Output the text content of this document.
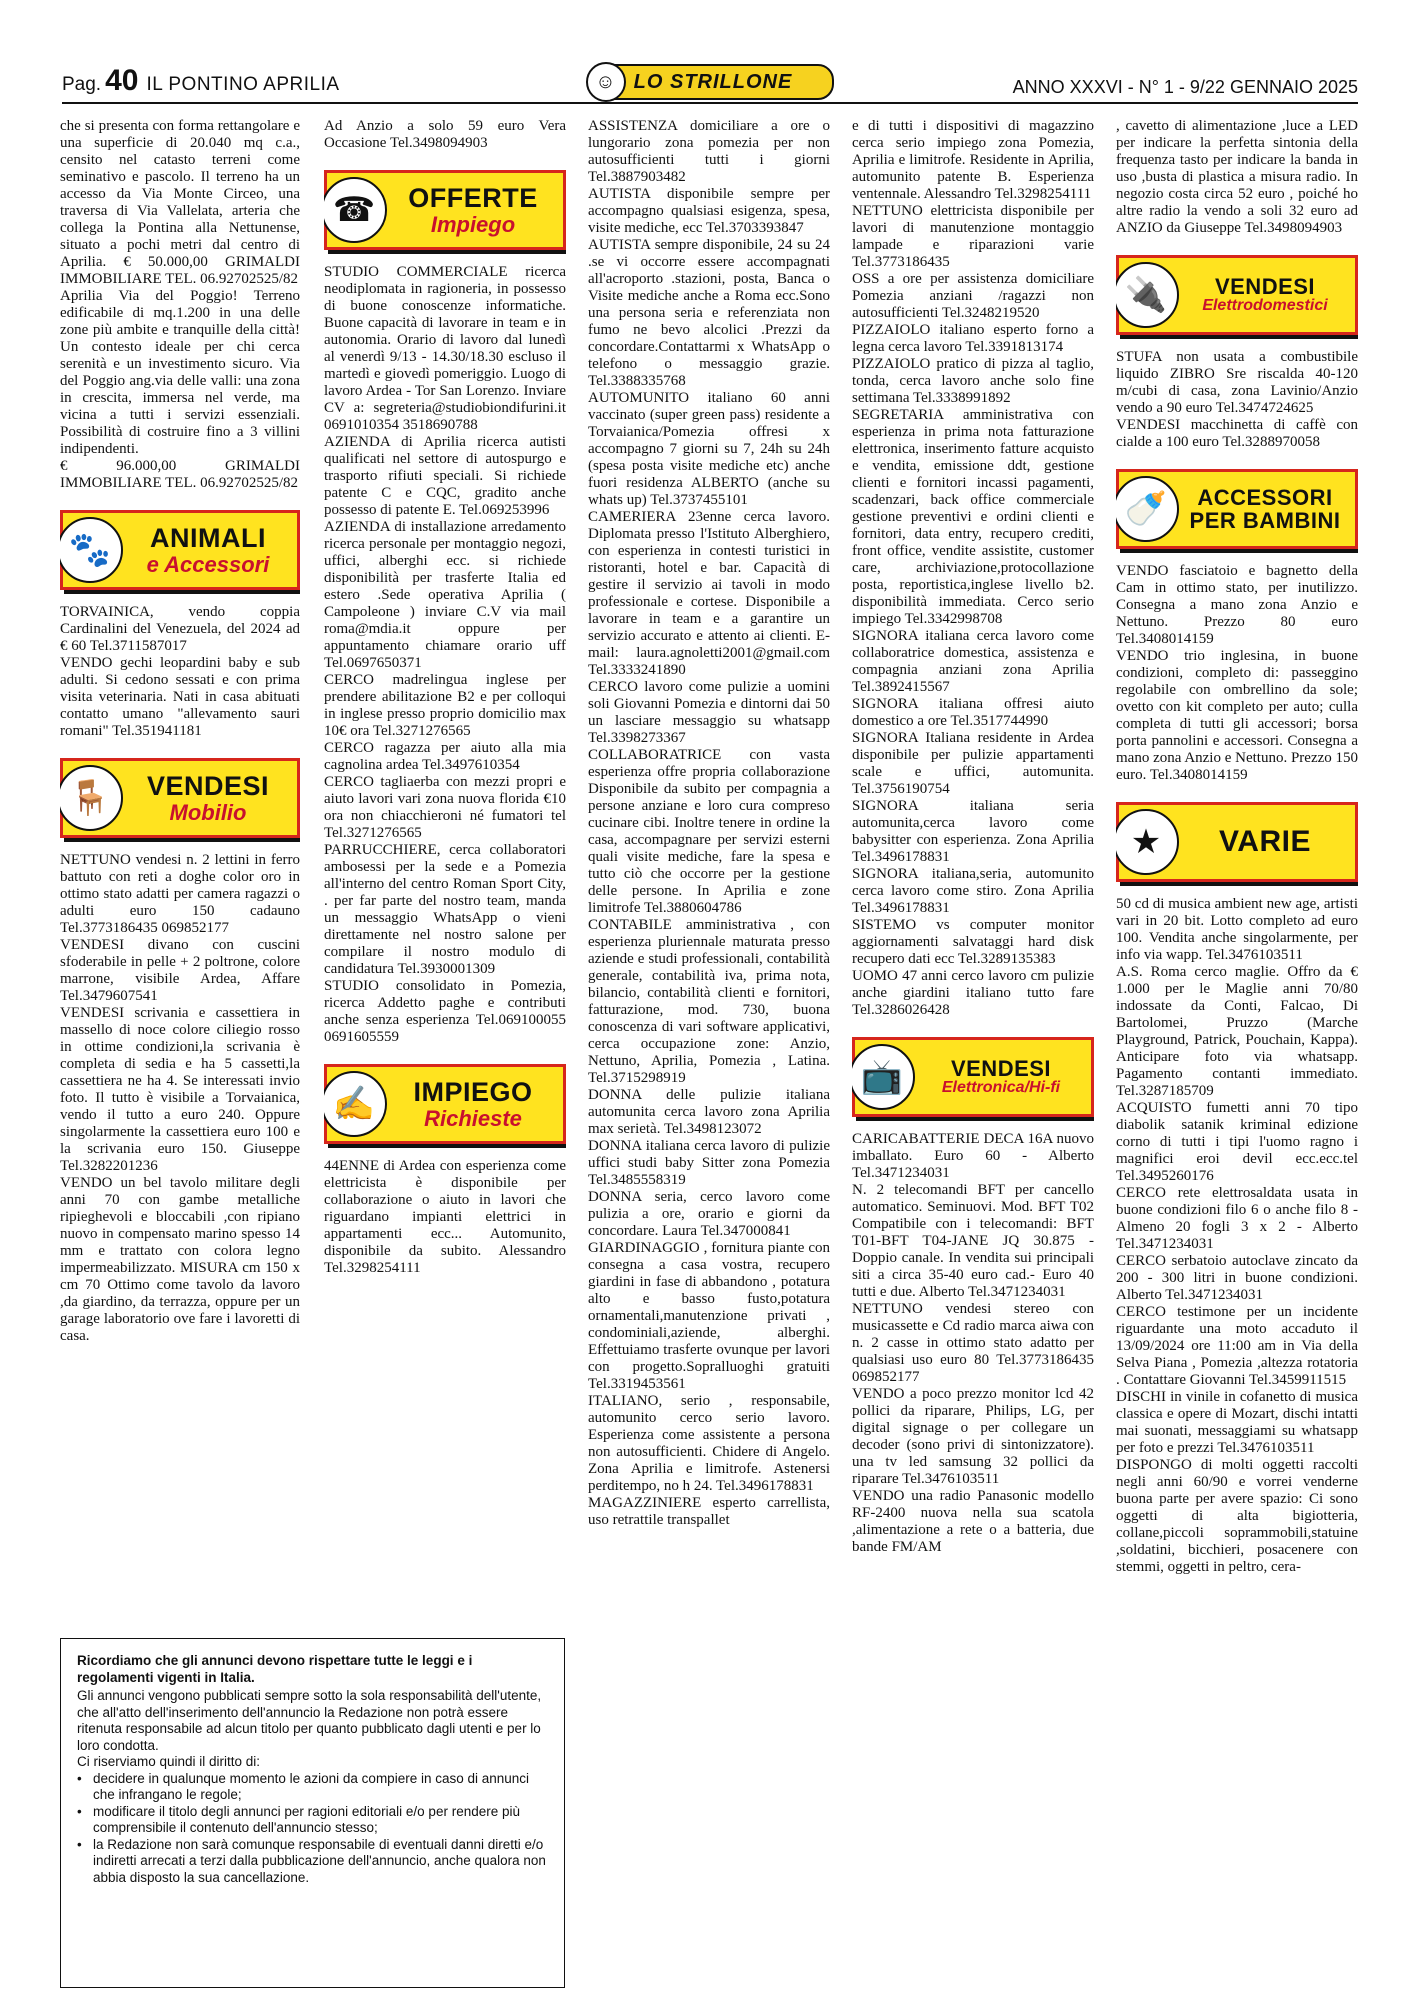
Pag. 40 IL PONTINO APRILIA	☺ LO STRILLONE	ANNO XXXVI - N° 1 - 9/22 GENNAIO 2025

che si presenta con forma rettangolare e una superficie di 20.040 mq c.a., censito nel catasto terreni come seminativo e pascolo. Il terreno ha un accesso da Via Monte Circeo, una traversa di Via Vallelata, arteria che collega la Pontina alla Nettunense, situato a pochi metri dal centro di Aprilia. € 50.000,00 GRIMALDI IMMOBILIARE TEL. 06.92702525/82

Aprilia Via del Poggio! Terreno edificabile di mq.1.200 in una delle zone più ambite e tranquille della città! Un contesto ideale per chi cerca serenità e un investimento sicuro. Via del Poggio ang.via delle valli: una zona in crescita, immersa nel verde, ma vicina a tutti i servizi essenziali. Possibilità di costruire fino a 3 villini indipendenti.

€ 96.000,00 GRIMALDI IMMOBILIARE TEL. 06.92702525/82

🐾	ANIMALI
e Accessori

TORVAINICA, vendo coppia Cardinalini del Venezuela, del 2024 ad € 60 Tel.3711587017

VENDO gechi leopardini baby e sub adulti. Si cedono sessati e con prima visita veterinaria. Nati in casa abituati contatto umano "allevamento sauri romani" Tel.351941181

🪑	VENDESI
Mobilio

NETTUNO vendesi n. 2 lettini in ferro battuto con reti a doghe color oro in ottimo stato adatti per camera ragazzi o adulti euro 150 cadauno Tel.3773186435 069852177

VENDESI divano con cuscini sfoderabile in pelle + 2 poltrone, colore marrone, visibile Ardea, Affare Tel.3479607541

VENDESI scrivania e cassettiera in massello di noce colore ciliegio rosso in ottime condizioni,la scrivania è completa di sedia e ha 5 cassetti,la cassettiera ne ha 4. Se interessati invio foto. Il tutto è visibile a Torvaianica, vendo il tutto a euro 240. Oppure singolarmente la cassettiera euro 100 e la scrivania euro 150. Giuseppe Tel.3282201236

VENDO un bel tavolo militare degli anni 70 con gambe metalliche ripieghevoli e bloccabili ,con ripiano nuovo in compensato marino spesso 14 mm e trattato con colora legno impermeabilizzato. MISURA cm 150 x cm 70 Ottimo come tavolo da lavoro ,da giardino, da terrazza, oppure per un garage laboratorio ove fare i lavoretti di casa.

Ad Anzio a solo 59 euro Vera Occasione Tel.3498094903

☎	OFFERTE
Impiego

STUDIO COMMERCIALE ricerca neodiplomata in ragioneria, in possesso di buone conoscenze informatiche. Buone capacità di lavorare in team e in autonomia. Orario di lavoro dal lunedì al venerdì 9/13 - 14.30/18.30 escluso il martedì e giovedì pomeriggio. Luogo di lavoro Ardea - Tor San Lorenzo. Inviare CV a: segreteria@studiobiondifurini.it 0691010354 3518690788

AZIENDA di Aprilia ricerca autisti qualificati nel settore di autospurgo e trasporto rifiuti speciali. Si richiede patente C e CQC, gradito anche possesso di patente E. Tel.069253996

AZIENDA di installazione arredamento ricerca personale per montaggio negozi, uffici, alberghi ecc. si richiede disponibilità per trasferte Italia ed estero .Sede operativa Aprilia ( Campoleone ) inviare C.V via mail roma@mdia.it oppure per appuntamento chiamare orario uff Tel.0697650371

CERCO madrelingua inglese per prendere abilitazione B2 e per colloqui in inglese presso proprio domicilio max 10€ ora Tel.3271276565

CERCO ragazza per aiuto alla mia cagnolina ardea Tel.3497610354

CERCO tagliaerba con mezzi propri e aiuto lavori vari zona nuova florida €10 ora non chiacchieroni né fumatori tel Tel.3271276565

PARRUCCHIERE, cerca collaboratori ambosessi per la sede e a Pomezia all'interno del centro Roman Sport City, . per far parte del nostro team, manda un messaggio WhatsApp o vieni direttamente nel nostro salone per compilare il nostro modulo di candidatura Tel.3930001309

STUDIO consolidato in Pomezia, ricerca Addetto paghe e contributi anche senza esperienza Tel.069100055 0691605559

✍	IMPIEGO
Richieste

44ENNE di Ardea con esperienza come elettricista è disponibile per collaborazione o aiuto in lavori che riguardano impianti elettrici in appartamenti ecc... Automunito, disponibile da subito. Alessandro Tel.3298254111

ASSISTENZA domiciliare a ore o lungorario zona pomezia per non autosufficienti tutti i giorni Tel.3887903482

AUTISTA disponibile sempre per accompagno qualsiasi esigenza, spesa, visite mediche, ecc Tel.3703393847

AUTISTA sempre disponibile, 24 su 24 .se vi occorre essere accompagnati all'acroporto .stazioni, posta, Banca o Visite mediche anche a Roma ecc.Sono una persona seria e referenziata non fumo ne bevo alcolici .Prezzi da concordare.Contattarmi x WhatsApp o telefono o messaggio grazie. Tel.3388335768

AUTOMUNITO italiano 60 anni vaccinato (super green pass) residente a Torvaianica/Pomezia offresi x accompagno 7 giorni su 7, 24h su 24h (spesa posta visite mediche etc) anche fuori residenza ALBERTO (anche su whats up) Tel.3737455101

CAMERIERA 23enne cerca lavoro. Diplomata presso l'Istituto Alberghiero, con esperienza in contesti turistici in ristoranti, hotel e bar. Capacità di gestire il servizio ai tavoli in modo professionale e cortese. Disponibile a lavorare in team e a garantire un servizio accurato e attento ai clienti. E-mail: laura.agnoletti2001@gmail.com Tel.3333241890

CERCO lavoro come pulizie a uomini soli Giovanni Pomezia e dintorni dai 50 un lasciare messaggio su whatsapp Tel.3398273367

COLLABORATRICE con vasta esperienza offre propria collaborazione Disponibile da subito per compagnia a persone anziane e loro cura compreso cucinare cibi. Inoltre tenere in ordine la casa, accompagnare per servizi esterni quali visite mediche, fare la spesa e tutto ciò che occorre per la gestione delle persone. In Aprilia e zone limitrofe Tel.3880604786

CONTABILE amministrativa , con esperienza pluriennale maturata presso aziende e studi professionali, contabilità generale, contabilità iva, prima nota, bilancio, contabilità clienti e fornitori, fatturazione, mod. 730, buona conoscenza di vari software applicativi, cerca occupazione zone: Anzio, Nettuno, Aprilia, Pomezia , Latina. Tel.3715298919

DONNA delle pulizie italiana automunita cerca lavoro zona Aprilia max serietà. Tel.3498123072

DONNA italiana cerca lavoro di pulizie uffici studi baby Sitter zona Pomezia Tel.3485558319

DONNA seria, cerco lavoro come pulizia a ore, orario e giorni da concordare. Laura Tel.347000841

GIARDINAGGIO , fornitura piante con consegna a casa vostra, recupero giardini in fase di abbandono , potatura alto e basso fusto,potatura ornamentali,manutenzione privati , condominiali,aziende, alberghi. Effettuiamo trasferte ovunque per lavori con progetto.Sopralluoghi gratuiti Tel.3319453561

ITALIANO, serio , responsabile, automunito cerco serio lavoro. Esperienza come assistente a persona non autosufficienti. Chidere di Angelo. Zona Aprilia e limitrofe. Astenersi perditempo, no h 24. Tel.3496178831

MAGAZZINIERE esperto carrellista, uso retrattile transpallet

e di tutti i dispositivi di magazzino cerca serio impiego zona Pomezia, Aprilia e limitrofe. Residente in Aprilia, automunito patente B. Esperienza ventennale. Alessandro Tel.3298254111

NETTUNO elettricista disponibile per lavori di manutenzione montaggio lampade e riparazioni varie Tel.3773186435

OSS a ore per assistenza domiciliare Pomezia anziani /ragazzi non autosufficienti Tel.3248219520

PIZZAIOLO italiano esperto forno a legna cerca lavoro Tel.3391813174

PIZZAIOLO pratico di pizza al taglio, tonda, cerca lavoro anche solo fine settimana Tel.3338991892

SEGRETARIA amministrativa con esperienza in prima nota fatturazione elettronica, inserimento fatture acquisto e vendita, emissione ddt, gestione clienti e fornitori incassi pagamenti, scadenzari, back office commerciale gestione preventivi e ordini clienti e fornitori, data entry, recupero crediti, front office, vendite assistite, customer care, archiviazione,protocollazione posta, reportistica,inglese livello b2. disponibilità immediata. Cerco serio impiego Tel.3342998708

SIGNORA italiana cerca lavoro come collaboratrice domestica, assistenza e compagnia anziani zona Aprilia Tel.3892415567

SIGNORA italiana offresi aiuto domestico a ore Tel.3517744990

SIGNORA Italiana residente in Ardea disponibile per pulizie appartamenti scale e uffici, automunita. Tel.3756190754

SIGNORA italiana seria automunita,cerca lavoro come babysitter con esperienza. Zona Aprilia Tel.3496178831

SIGNORA italiana,seria, automunito cerca lavoro come stiro. Zona Aprilia Tel.3496178831

SISTEMO vs computer monitor aggiornamenti salvataggi hard disk recupero dati ecc Tel.3289135383

UOMO 47 anni cerco lavoro cm pulizie anche giardini italiano tutto fare Tel.3286026428

📺	VENDESI
Elettronica/Hi-fi

CARICABATTERIE DECA 16A nuovo imballato. Euro 60 - Alberto Tel.3471234031

N. 2 telecomandi BFT per cancello automatico. Seminuovi. Mod. BFT T02 Compatibile con i telecomandi: BFT T01-BFT T04-JANE JQ 30.875 - Doppio canale. In vendita sui principali siti a circa 35-40 euro cad.- Euro 40 tutti e due. Alberto Tel.3471234031

NETTUNO vendesi stereo con musicassette e Cd radio marca aiwa con n. 2 casse in ottimo stato adatto per qualsiasi uso euro 80 Tel.3773186435 069852177

VENDO a poco prezzo monitor lcd 42 pollici da riparare, Philips, LG, per digital signage o per collegare un decoder (sono privi di sintonizzatore). una tv led samsung 32 pollici da riparare Tel.3476103511

VENDO una radio Panasonic modello RF-2400 nuova nella sua scatola ,alimentazione a rete o a batteria, due bande FM/AM

, cavetto di alimentazione ,luce a LED per indicare la perfetta sintonia della frequenza tasto per indicare la banda in uso ,busta di plastica a misura radio. In negozio costa circa 52 euro , poiché ho altre radio la vendo a soli 32 euro ad ANZIO da Giuseppe Tel.3498094903

🔌	VENDESI
Elettrodomestici

STUFA non usata a combustibile liquido ZIBRO Sre riscalda 40-120 m/cubi di casa, zona Lavinio/Anzio vendo a 90 euro Tel.3474724625

VENDESI macchinetta di caffè con cialde a 100 euro Tel.3288970058

🍼	ACCESSORI
PER BAMBINI

VENDO fasciatoio e bagnetto della Cam in ottimo stato, per inutilizzo. Consegna a mano zona Anzio e Nettuno. Prezzo 80 euro Tel.3408014159

VENDO trio inglesina, in buone condizioni, completo di: passeggino regolabile con ombrellino da sole; ovetto con kit completo per auto; culla completa di tutti gli accessori; borsa porta pannolini e accessori. Consegna a mano zona Anzio e Nettuno. Prezzo 150 euro. Tel.3408014159

★	VARIE

50 cd di musica ambient new age, artisti vari in 20 bit. Lotto completo ad euro 100. Vendita anche singolarmente, per info via wapp. Tel.3476103511

A.S. Roma cerco maglie. Offro da € 1.000 per le Maglie anni 70/80 indossate da Conti, Falcao, Di Bartolomei, Pruzzo (Marche Playground, Patrick, Pouchain, Kappa). Anticipare foto via whatsapp. Pagamento contanti immediato. Tel.3287185709

ACQUISTO fumetti anni 70 tipo diabolik satanik kriminal edizione corno di tutti i tipi l'uomo ragno i magnifici eroi devil ecc.ecc.tel Tel.3495260176

CERCO rete elettrosaldata usata in buone condizioni filo 6 o anche filo 8 - Almeno 20 fogli 3 x 2 - Alberto Tel.3471234031

CERCO serbatoio autoclave zincato da 200 - 300 litri in buone condizioni. Alberto Tel.3471234031

CERCO testimone per un incidente riguardante una moto accaduto il 13/09/2024 ore 11:00 am in Via della Selva Piana , Pomezia ,altezza rotatoria . Contattare Giovanni Tel.3459911515

DISCHI in vinile in cofanetto di musica classica e opere di Mozart, dischi intatti mai suonati, messaggiami su whatsapp per foto e prezzi Tel.3476103511

DISPONGO di molti oggetti raccolti negli anni 60/90 e vorrei venderne buona parte per avere spazio: Ci sono oggetti di alta bigiotteria, collane,piccoli soprammobili,statuine ,soldatini, bicchieri, posacenere con stemmi, oggetti in peltro, cera-

Ricordiamo che gli annunci devono rispettare tutte le leggi e i regolamenti vigenti in Italia.

Gli annunci vengono pubblicati sempre sotto la sola responsabilità dell'utente, che all'atto dell'inserimento dell'annuncio la Redazione non potrà essere ritenuta responsabile ad alcun titolo per quanto pubblicato dagli utenti e per lo loro condotta.

Ci riserviamo quindi il diritto di:

• decidere in qualunque momento le azioni da compiere in caso di annunci che infrangano le regole;
• modificare il titolo degli annunci per ragioni editoriali e/o per rendere più comprensibile il contenuto dell'annuncio stesso;
• la Redazione non sarà comunque responsabile di eventuali danni diretti e/o indiretti arrecati a terzi dalla pubblicazione dell'annuncio, anche qualora non abbia disposto la sua cancellazione.
